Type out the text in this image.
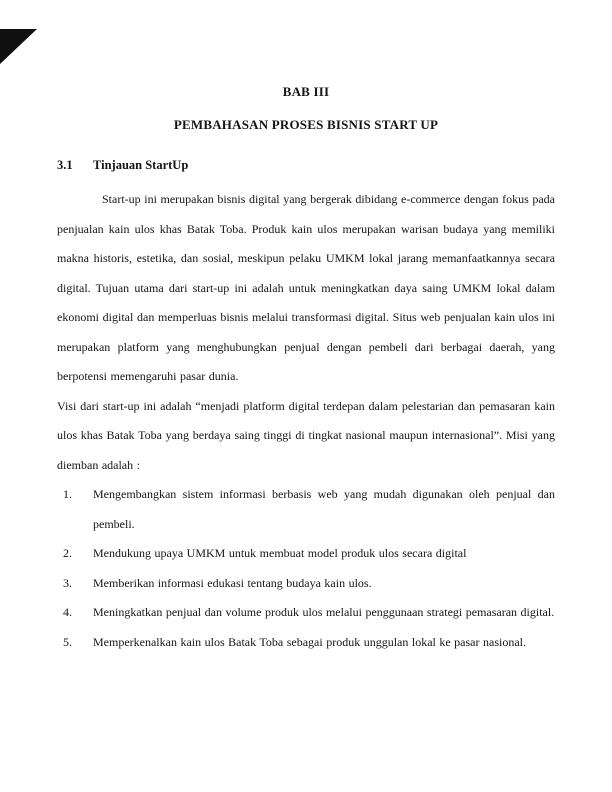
BAB III
PEMBAHASAN PROSES BISNIS START UP
3.1	Tinjauan StartUp

Start-up ini merupakan bisnis digital yang bergerak dibidang e-commerce dengan fokus pada penjualan kain ulos khas Batak Toba. Produk kain ulos merupakan warisan budaya yang memiliki makna historis, estetika, dan sosial, meskipun pelaku UMKM lokal jarang memanfaatkannya secara digital. Tujuan utama dari start-up ini adalah untuk meningkatkan daya saing UMKM lokal dalam ekonomi digital dan memperluas bisnis melalui transformasi digital. Situs web penjualan kain ulos ini merupakan platform yang menghubungkan penjual dengan pembeli dari berbagai daerah, yang berpotensi memengaruhi pasar dunia.

Visi dari start-up ini adalah “menjadi platform digital terdepan dalam pelestarian dan pemasaran kain ulos khas Batak Toba yang berdaya saing tinggi di tingkat nasional maupun internasional”. Misi yang diemban adalah :

1. Mengembangkan sistem informasi berbasis web yang mudah digunakan oleh penjual dan pembeli.
2. Mendukung upaya UMKM untuk membuat model produk ulos secara digital
3. Memberikan informasi edukasi tentang budaya kain ulos.
4. Meningkatkan penjual dan volume produk ulos melalui penggunaan strategi pemasaran digital.
5. Memperkenalkan kain ulos Batak Toba sebagai produk unggulan lokal ke pasar nasional.
